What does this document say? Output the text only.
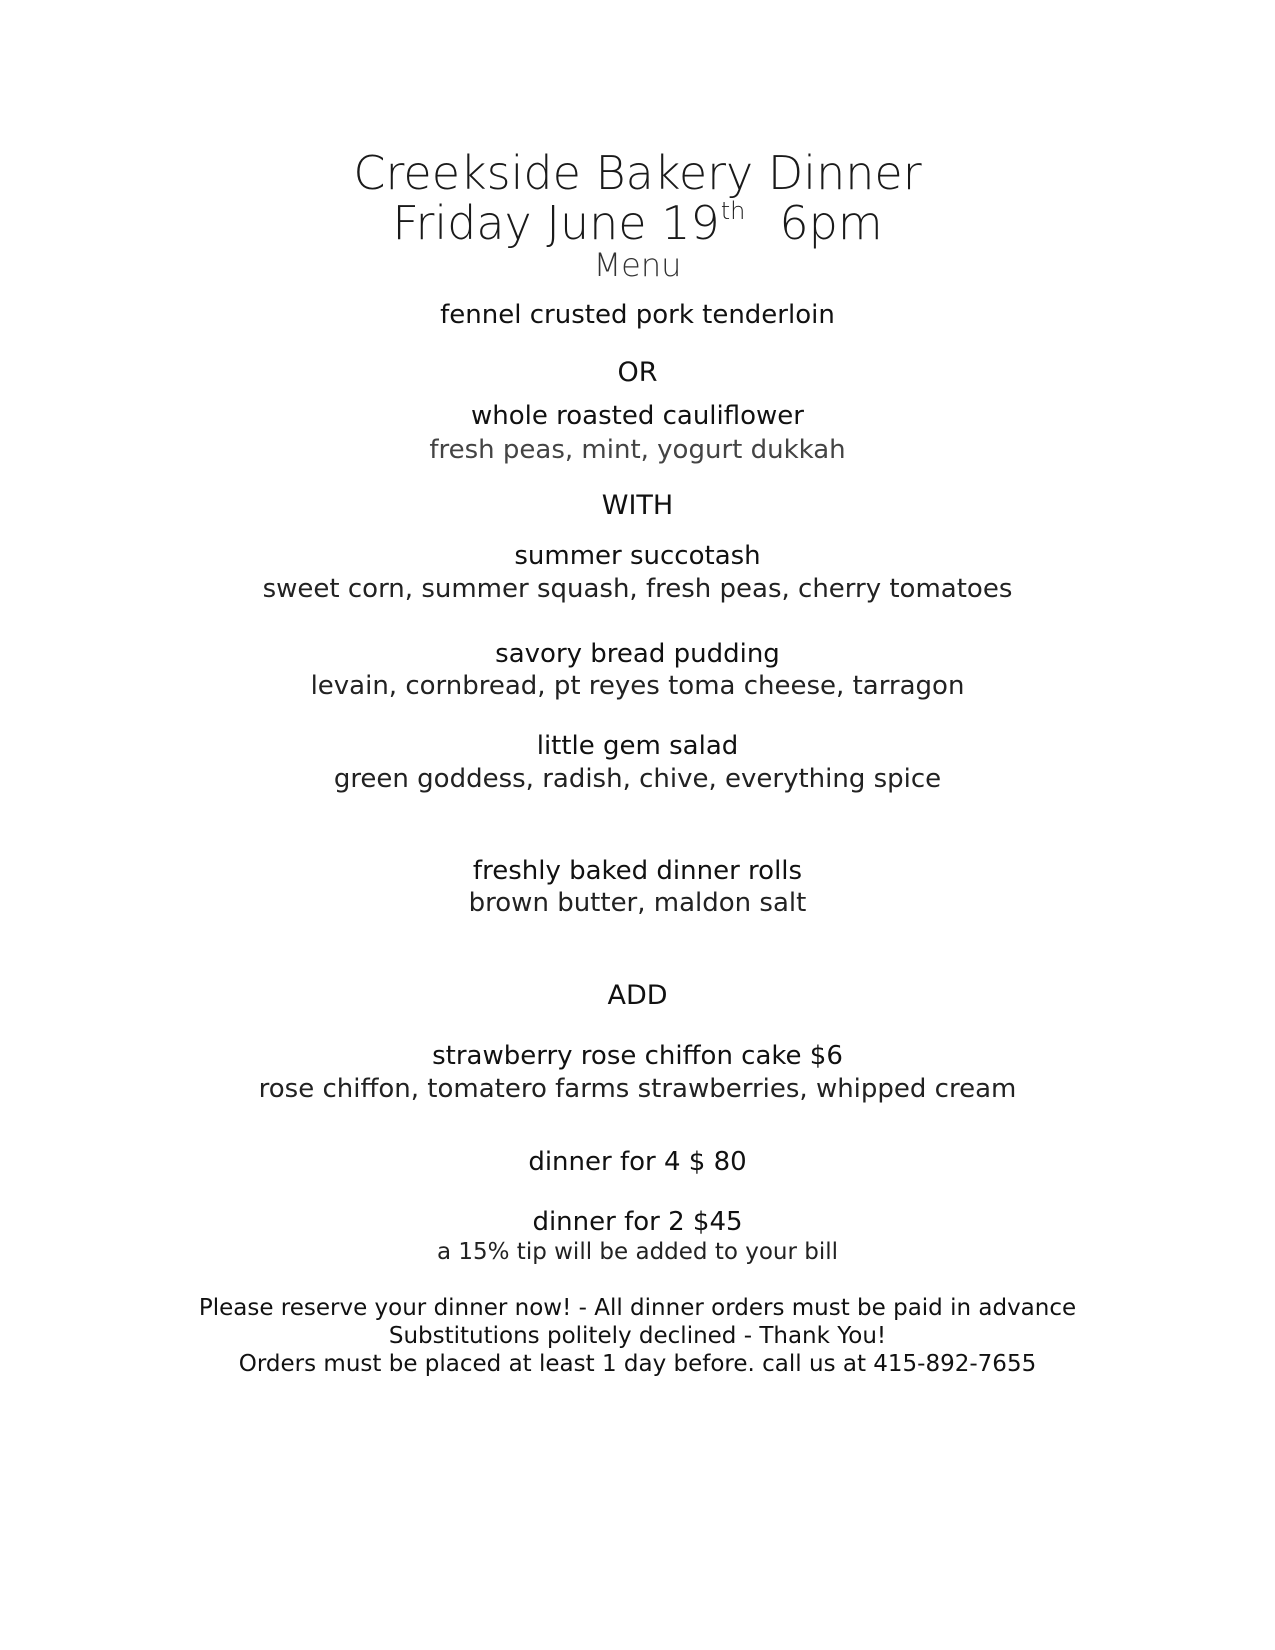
Creekside Bakery Dinner
Friday June 19th 6pm
Menu
fennel crusted pork tenderloin
OR
whole roasted cauliflower
fresh peas, mint, yogurt dukkah
WITH
summer succotash
sweet corn, summer squash, fresh peas, cherry tomatoes
savory bread pudding
levain, cornbread, pt reyes toma cheese, tarragon
little gem salad
green goddess, radish, chive, everything spice
freshly baked dinner rolls
brown butter, maldon salt
ADD
strawberry rose chiffon cake $6
rose chiffon, tomatero farms strawberries, whipped cream
dinner for 4 $ 80
dinner for 2 $45
a 15% tip will be added to your bill
Please reserve your dinner now! - All dinner orders must be paid in advance
Substitutions politely declined - Thank You!
Orders must be placed at least 1 day before. call us at 415-892-7655
